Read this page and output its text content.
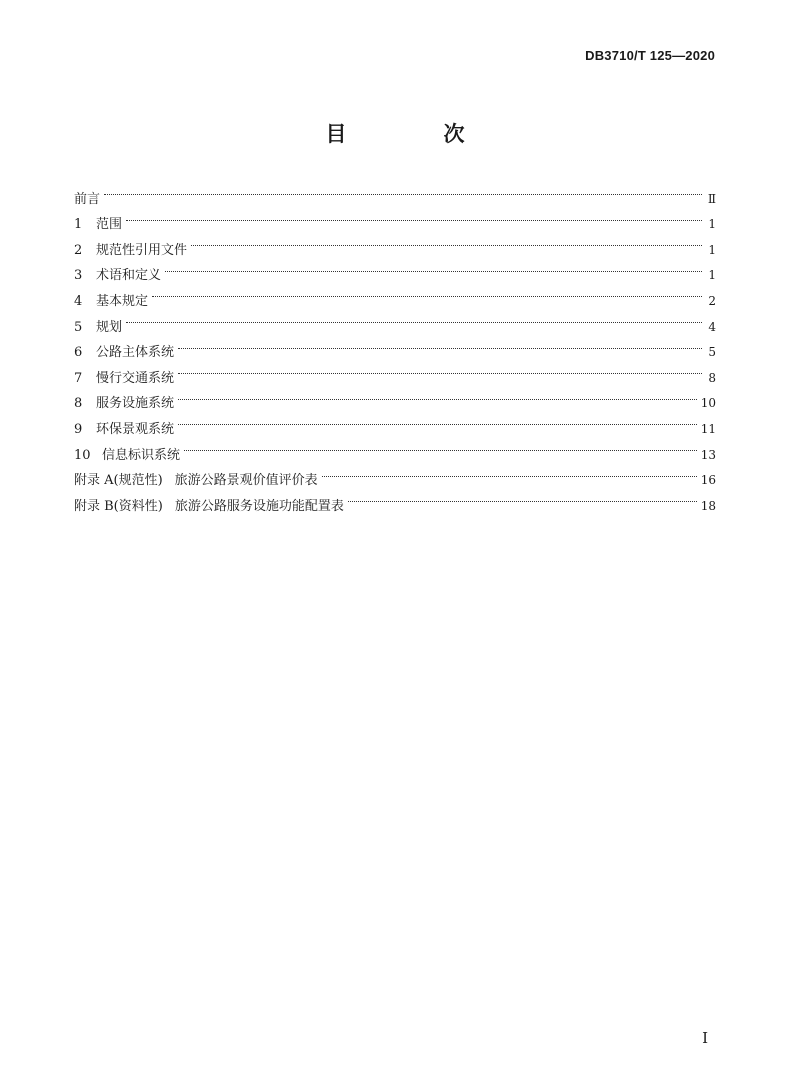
DB3710/T 125—2020
目　次
前言	Ⅱ
1	范围	1
2	规范性引用文件	1
3	术语和定义	1
4	基本规定	2
5	规划	4
6	公路主体系统	5
7	慢行交通系统	8
8	服务设施系统	10
9	环保景观系统	11
10 信息标识系统	13
附录 A(规范性) 旅游公路景观价值评价表	16
附录 B(资料性) 旅游公路服务设施功能配置表	18
I
